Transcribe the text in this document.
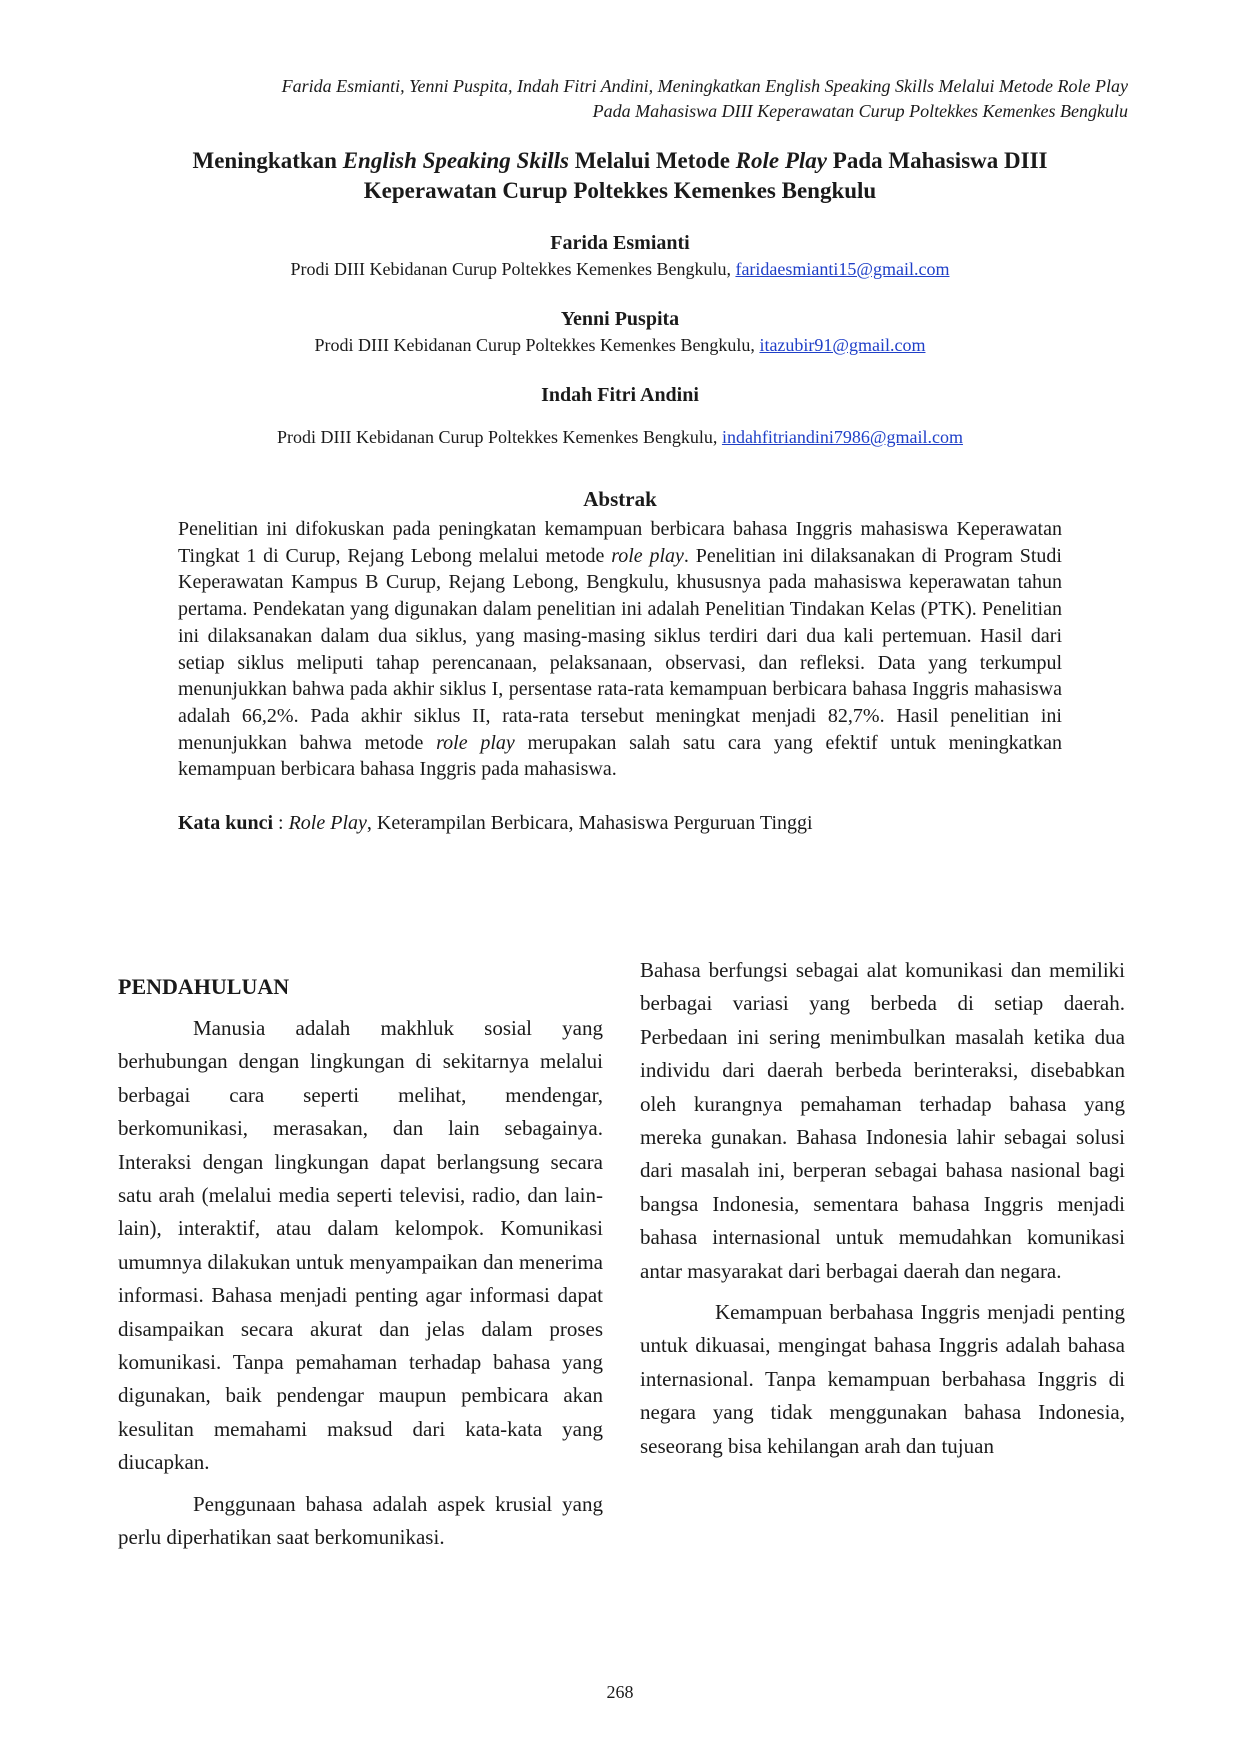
Farida Esmianti, Yenni Puspita, Indah Fitri Andini, Meningkatkan English Speaking Skills Melalui Metode Role Play
Pada Mahasiswa DIII Keperawatan Curup Poltekkes Kemenkes Bengkulu
Meningkatkan English Speaking Skills Melalui Metode Role Play Pada Mahasiswa DIII
Keperawatan Curup Poltekkes Kemenkes Bengkulu
Farida Esmianti
Prodi DIII Kebidanan Curup Poltekkes Kemenkes Bengkulu, faridaesmianti15@gmail.com
Yenni Puspita
Prodi DIII Kebidanan Curup Poltekkes Kemenkes Bengkulu, itazubir91@gmail.com
Indah Fitri Andini
Prodi DIII Kebidanan Curup Poltekkes Kemenkes Bengkulu, indahfitriandini7986@gmail.com
Abstrak
Penelitian ini difokuskan pada peningkatan kemampuan berbicara bahasa Inggris mahasiswa Keperawatan Tingkat 1 di Curup, Rejang Lebong melalui metode role play. Penelitian ini dilaksanakan di Program Studi Keperawatan Kampus B Curup, Rejang Lebong, Bengkulu, khususnya pada mahasiswa keperawatan tahun pertama. Pendekatan yang digunakan dalam penelitian ini adalah Penelitian Tindakan Kelas (PTK). Penelitian ini dilaksanakan dalam dua siklus, yang masing-masing siklus terdiri dari dua kali pertemuan. Hasil dari setiap siklus meliputi tahap perencanaan, pelaksanaan, observasi, dan refleksi. Data yang terkumpul menunjukkan bahwa pada akhir siklus I, persentase rata-rata kemampuan berbicara bahasa Inggris mahasiswa adalah 66,2%. Pada akhir siklus II, rata-rata tersebut meningkat menjadi 82,7%. Hasil penelitian ini menunjukkan bahwa metode role play merupakan salah satu cara yang efektif untuk meningkatkan kemampuan berbicara bahasa Inggris pada mahasiswa.
Kata kunci : Role Play, Keterampilan Berbicara, Mahasiswa Perguruan Tinggi
PENDAHULUAN

Manusia adalah makhluk sosial yang berhubungan dengan lingkungan di sekitarnya melalui berbagai cara seperti melihat, mendengar, berkomunikasi, merasakan, dan lain sebagainya. Interaksi dengan lingkungan dapat berlangsung secara satu arah (melalui media seperti televisi, radio, dan lain-lain), interaktif, atau dalam kelompok. Komunikasi umumnya dilakukan untuk menyampaikan dan menerima informasi. Bahasa menjadi penting agar informasi dapat disampaikan secara akurat dan jelas dalam proses komunikasi. Tanpa pemahaman terhadap bahasa yang digunakan, baik pendengar maupun pembicara akan kesulitan memahami maksud dari kata-kata yang diucapkan.

Penggunaan bahasa adalah aspek krusial yang perlu diperhatikan saat berkomunikasi.

Bahasa berfungsi sebagai alat komunikasi dan memiliki berbagai variasi yang berbeda di setiap daerah. Perbedaan ini sering menimbulkan masalah ketika dua individu dari daerah berbeda berinteraksi, disebabkan oleh kurangnya pemahaman terhadap bahasa yang mereka gunakan. Bahasa Indonesia lahir sebagai solusi dari masalah ini, berperan sebagai bahasa nasional bagi bangsa Indonesia, sementara bahasa Inggris menjadi bahasa internasional untuk memudahkan komunikasi antar masyarakat dari berbagai daerah dan negara.

Kemampuan berbahasa Inggris menjadi penting untuk dikuasai, mengingat bahasa Inggris adalah bahasa internasional. Tanpa kemampuan berbahasa Inggris di negara yang tidak menggunakan bahasa Indonesia, seseorang bisa kehilangan arah dan tujuan

268
